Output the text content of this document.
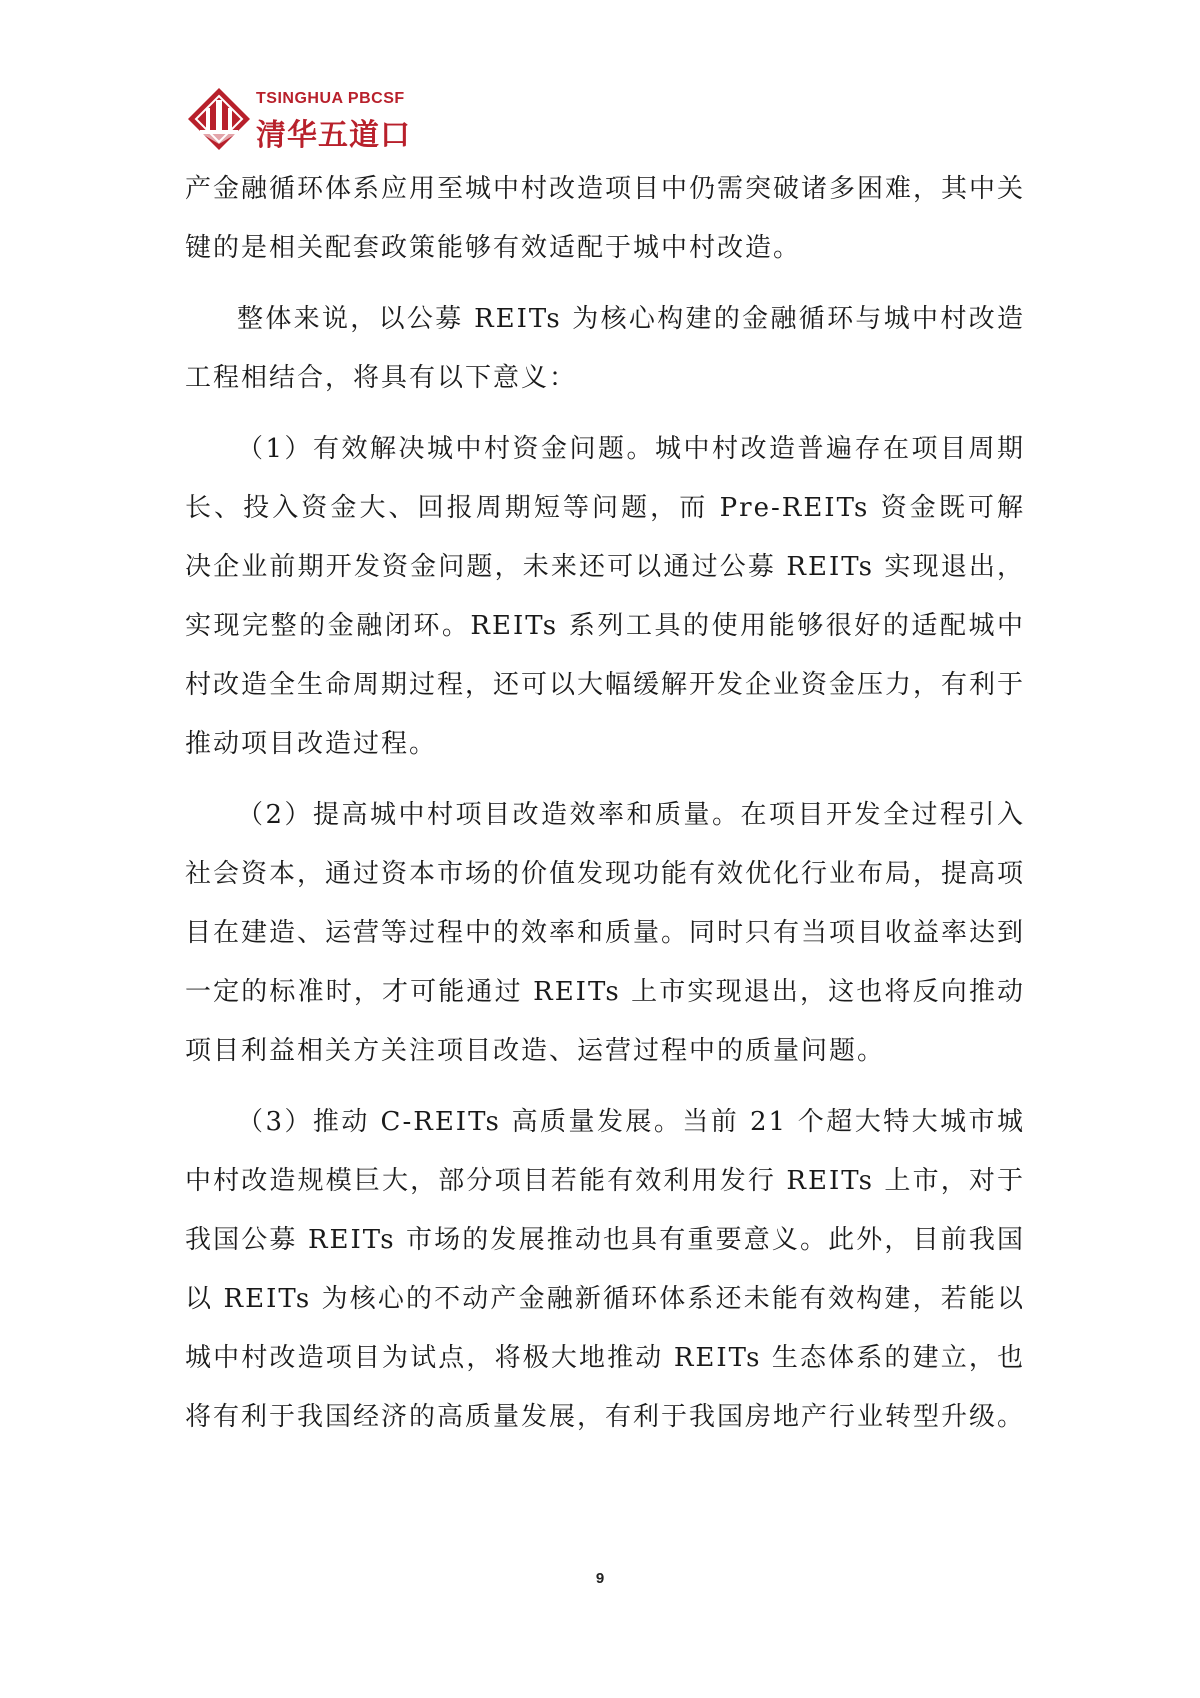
TSINGHUA PBCSF
清华五道口

产金融循环体系应用至城中村改造项目中仍需突破诸多困难，其中关键的是相关配套政策能够有效适配于城中村改造。

整体来说，以公募 REITs 为核心构建的金融循环与城中村改造工程相结合，将具有以下意义：

（1）有效解决城中村资金问题。城中村改造普遍存在项目周期长、投入资金大、回报周期短等问题，而 Pre-REITs 资金既可解决企业前期开发资金问题，未来还可以通过公募 REITs 实现退出，实现完整的金融闭环。REITs 系列工具的使用能够很好的适配城中村改造全生命周期过程，还可以大幅缓解开发企业资金压力，有利于推动项目改造过程。

（2）提高城中村项目改造效率和质量。在项目开发全过程引入社会资本，通过资本市场的价值发现功能有效优化行业布局，提高项目在建造、运营等过程中的效率和质量。同时只有当项目收益率达到一定的标准时，才可能通过 REITs 上市实现退出，这也将反向推动项目利益相关方关注项目改造、运营过程中的质量问题。

（3）推动 C-REITs 高质量发展。当前 21 个超大特大城市城中村改造规模巨大，部分项目若能有效利用发行 REITs 上市，对于我国公募 REITs 市场的发展推动也具有重要意义。此外，目前我国以 REITs 为核心的不动产金融新循环体系还未能有效构建，若能以城中村改造项目为试点，将极大地推动 REITs 生态体系的建立，也将有利于我国经济的高质量发展，有利于我国房地产行业转型升级。

9
